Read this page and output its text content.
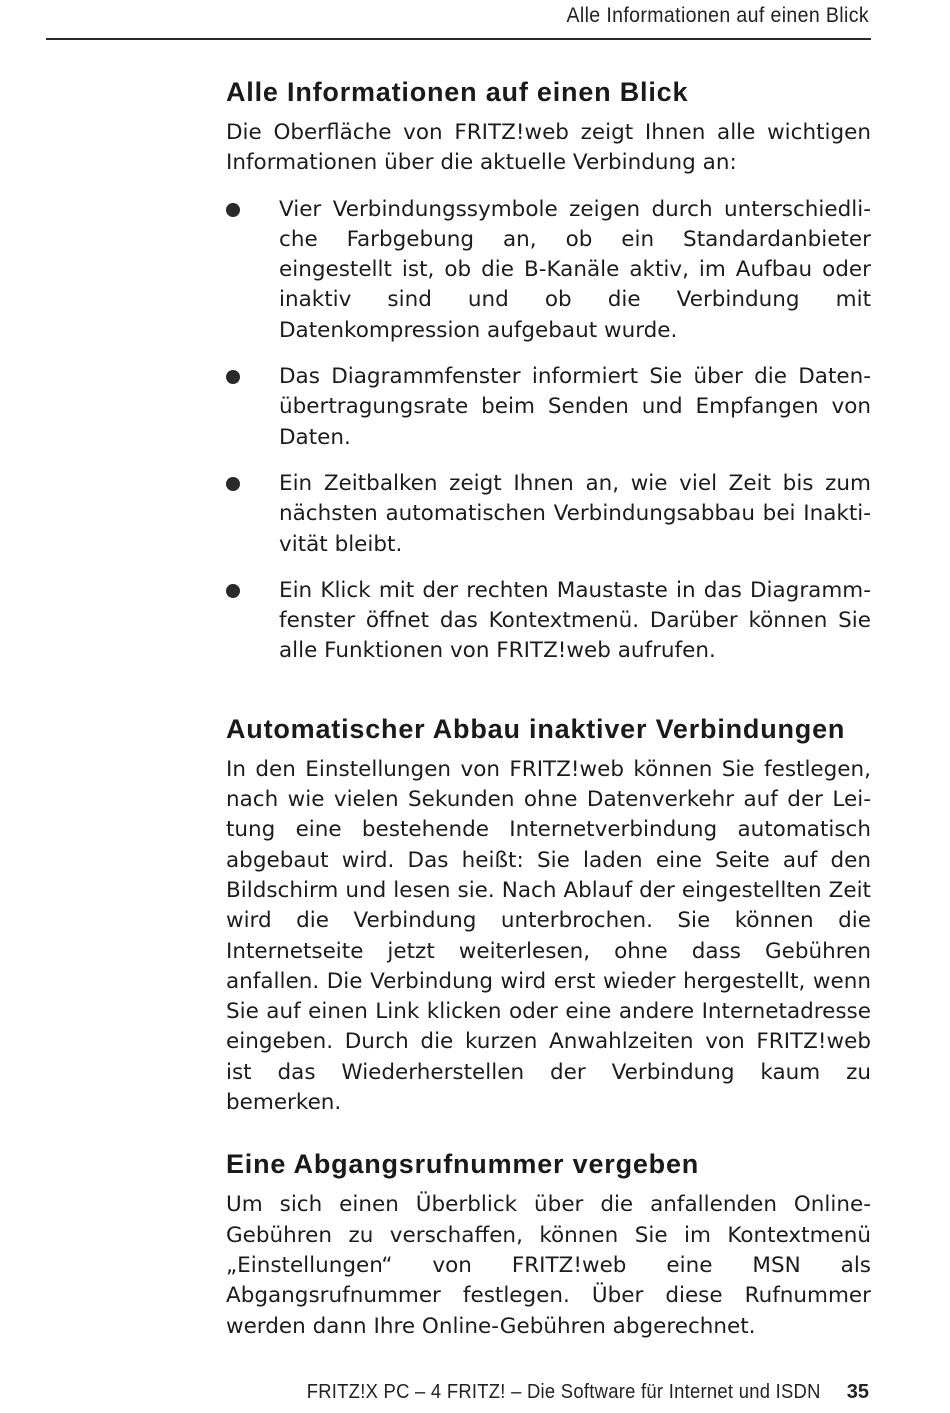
Alle Informationen auf einen Blick
Alle Informationen auf einen Blick

Die Oberfläche von FRITZ!web zeigt Ihnen alle wichtigen Informationen über die aktuelle Verbindung an:

Vier Verbindungssymbole zeigen durch unterschiedliche Farbgebung an, ob ein Standardanbieter eingestellt ist, ob die B-Kanäle aktiv, im Aufbau oder inaktiv sind und ob die Verbindung mit Datenkompression aufgebaut wurde.

Das Diagrammfenster informiert Sie über die Datenübertragungsrate beim Senden und Empfangen von Daten.

Ein Zeitbalken zeigt Ihnen an, wie viel Zeit bis zum nächsten automatischen Verbindungsabbau bei Inaktivität bleibt.

Ein Klick mit der rechten Maustaste in das Diagrammfenster öffnet das Kontextmenü. Darüber können Sie alle Funktionen von FRITZ!web aufrufen.

Automatischer Abbau inaktiver Verbindungen

In den Einstellungen von FRITZ!web können Sie festlegen, nach wie vielen Sekunden ohne Datenverkehr auf der Leitung eine bestehende Internetverbindung automatisch abgebaut wird. Das heißt: Sie laden eine Seite auf den Bildschirm und lesen sie. Nach Ablauf der eingestellten Zeit wird die Verbindung unterbrochen. Sie können die Internetseite jetzt weiterlesen, ohne dass Gebühren anfallen. Die Verbindung wird erst wieder hergestellt, wenn Sie auf einen Link klicken oder eine andere Internetadresse eingeben. Durch die kurzen Anwahlzeiten von FRITZ!web ist das Wiederherstellen der Verbindung kaum zu bemerken.

Eine Abgangsrufnummer vergeben

Um sich einen Überblick über die anfallenden Online-Gebühren zu verschaffen, können Sie im Kontextmenü „Einstellungen“ von FRITZ!web eine MSN als Abgangsrufnummer festlegen. Über diese Rufnummer werden dann Ihre Online-Gebühren abgerechnet.

FRITZ!X PC – 4 FRITZ! – Die Software für Internet und ISDN 35
